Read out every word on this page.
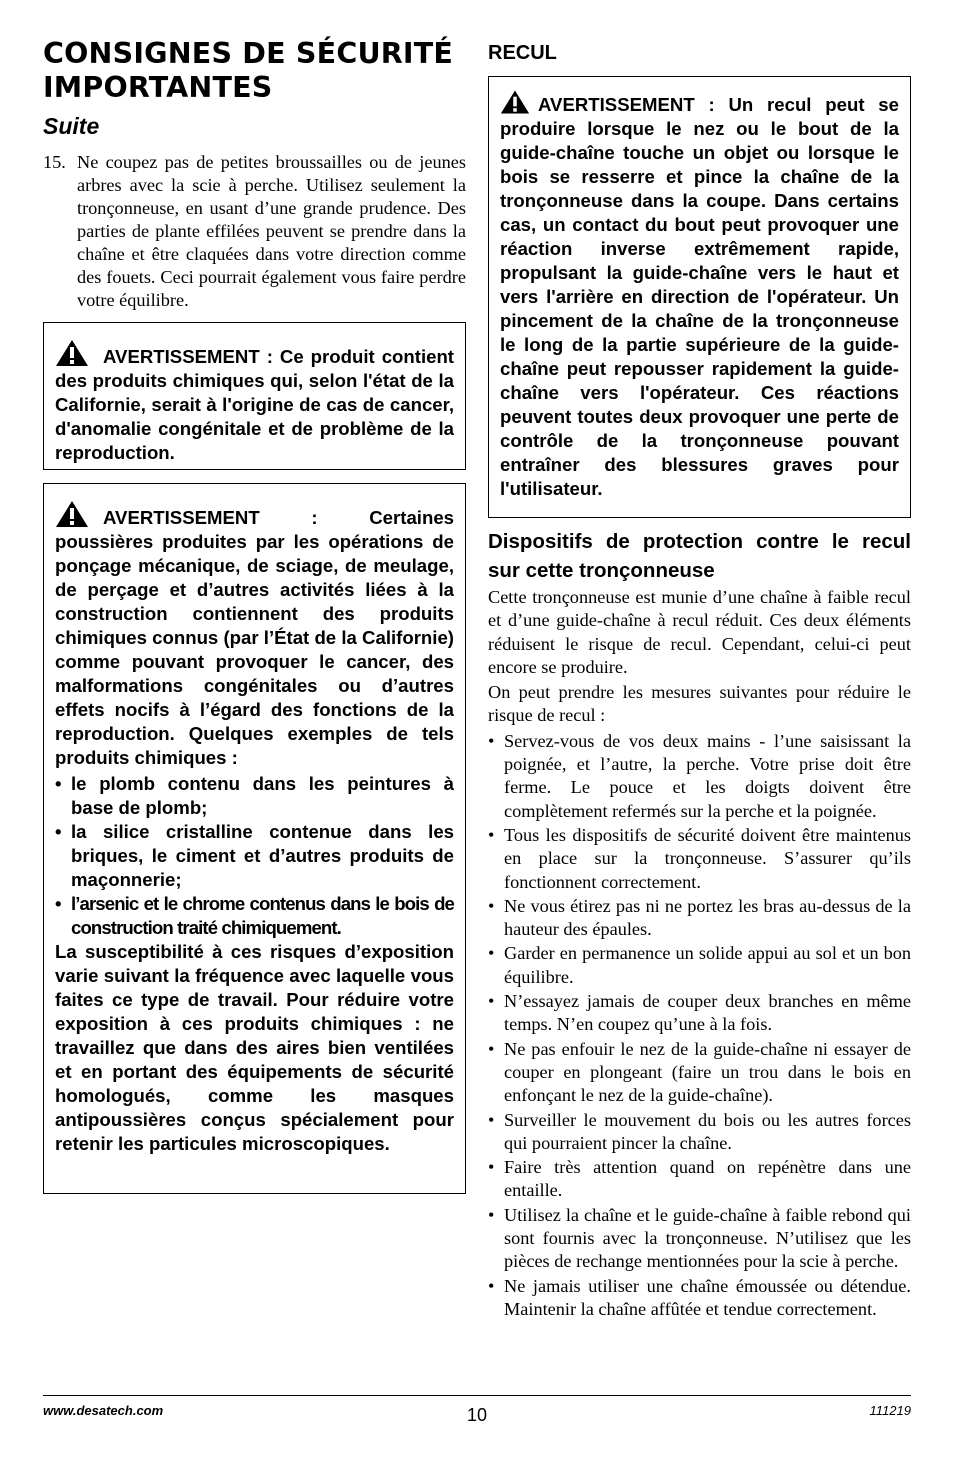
CONSIGNES DE SÉCURITÉ
IMPORTANTES
Suite
15. Ne coupez pas de petites broussailles ou de jeunes arbres avec la scie à perche. Utilisez seulement la tronçonneuse, en usant d’une grande prudence. Des parties de plante effilées peuvent se prendre dans la chaîne et être claquées dans votre direction comme des fouets. Ceci pourrait également vous faire perdre votre équilibre.

AVERTISSEMENT : Ce produit contient des produits chimiques qui, selon l'état de la Californie, serait à l'origine de cas de cancer, d'anomalie congénitale et de problème de la reproduction.

AVERTISSEMENT : Certaines poussières produites par les opérations de ponçage mécanique, de sciage, de meulage, de perçage et d’autres activités liées à la construction contiennent des produits chimiques connus (par l’État de la Californie) comme pouvant provoquer le cancer, des malformations congénitales ou d’autres effets nocifs à l’égard des fonctions de la reproduction. Quelques exemples de tels produits chimiques :

• le plomb contenu dans les peintures à base de plomb;
• la silice cristalline contenue dans les briques, le ciment et d’autres produits de maçonnerie;
• l’arsenic et le chrome contenus dans le bois de construction traité chimiquement.

La susceptibilité à ces risques d’exposition varie suivant la fréquence avec laquelle vous faites ce type de travail. Pour réduire votre exposition à ces produits chimiques : ne travaillez que dans des aires bien ventilées et en portant des équipements de sécurité homologués, comme les masques antipoussières conçus spécialement pour retenir les particules microscopiques.

RECUL

AVERTISSEMENT : Un recul peut se produire lorsque le nez ou le bout de la guide-chaîne touche un objet ou lorsque le bois se resserre et pince la chaîne de la tronçonneuse dans la coupe. Dans certains cas, un contact du bout peut provoquer une réaction inverse extrêmement rapide, propulsant la guide-chaîne vers le haut et vers l'arrière en direction de l'opérateur. Un pincement de la chaîne de la tronçonneuse le long de la partie supérieure de la guide-chaîne peut repousser rapidement la guide-chaîne vers l'opérateur. Ces réactions peuvent toutes deux provoquer une perte de contrôle de la tronçonneuse pouvant entraîner des blessures graves pour l'utilisateur.

Dispositifs de protection contre le recul sur cette tronçonneuse

Cette tronçonneuse est munie d’une chaîne à faible recul et d’une guide-chaîne à recul réduit. Ces deux éléments réduisent le risque de recul. Cependant, celui-ci peut encore se produire.

On peut prendre les mesures suivantes pour réduire le risque de recul :

• Servez-vous de vos deux mains - l’une saisissant la poignée, et l’autre, la perche. Votre prise doit être ferme. Le pouce et les doigts doivent être complètement refermés sur la perche et la poignée.
• Tous les dispositifs de sécurité doivent être maintenus en place sur la tronçonneuse. S’assurer qu’ils fonctionnent correctement.
• Ne vous étirez pas ni ne portez les bras au-dessus de la hauteur des épaules.
• Garder en permanence un solide appui au sol et un bon équilibre.
• N’essayez jamais de couper deux branches en même temps. N’en coupez qu’une à la fois.
• Ne pas enfouir le nez de la guide-chaîne ni essayer de couper en plongeant (faire un trou dans le bois en enfonçant le nez de la guide-chaîne).
• Surveiller le mouvement du bois ou les autres forces qui pourraient pincer la chaîne.
• Faire très attention quand on repénètre dans une entaille.
• Utilisez la chaîne et le guide-chaîne à faible rebond qui sont fournis avec la tronçonneuse. N’utilisez que les pièces de rechange mentionnées pour la scie à perche.
• Ne jamais utiliser une chaîne émoussée ou détendue. Maintenir la chaîne affûtée et tendue correctement.
www.desatech.com	10	111219
